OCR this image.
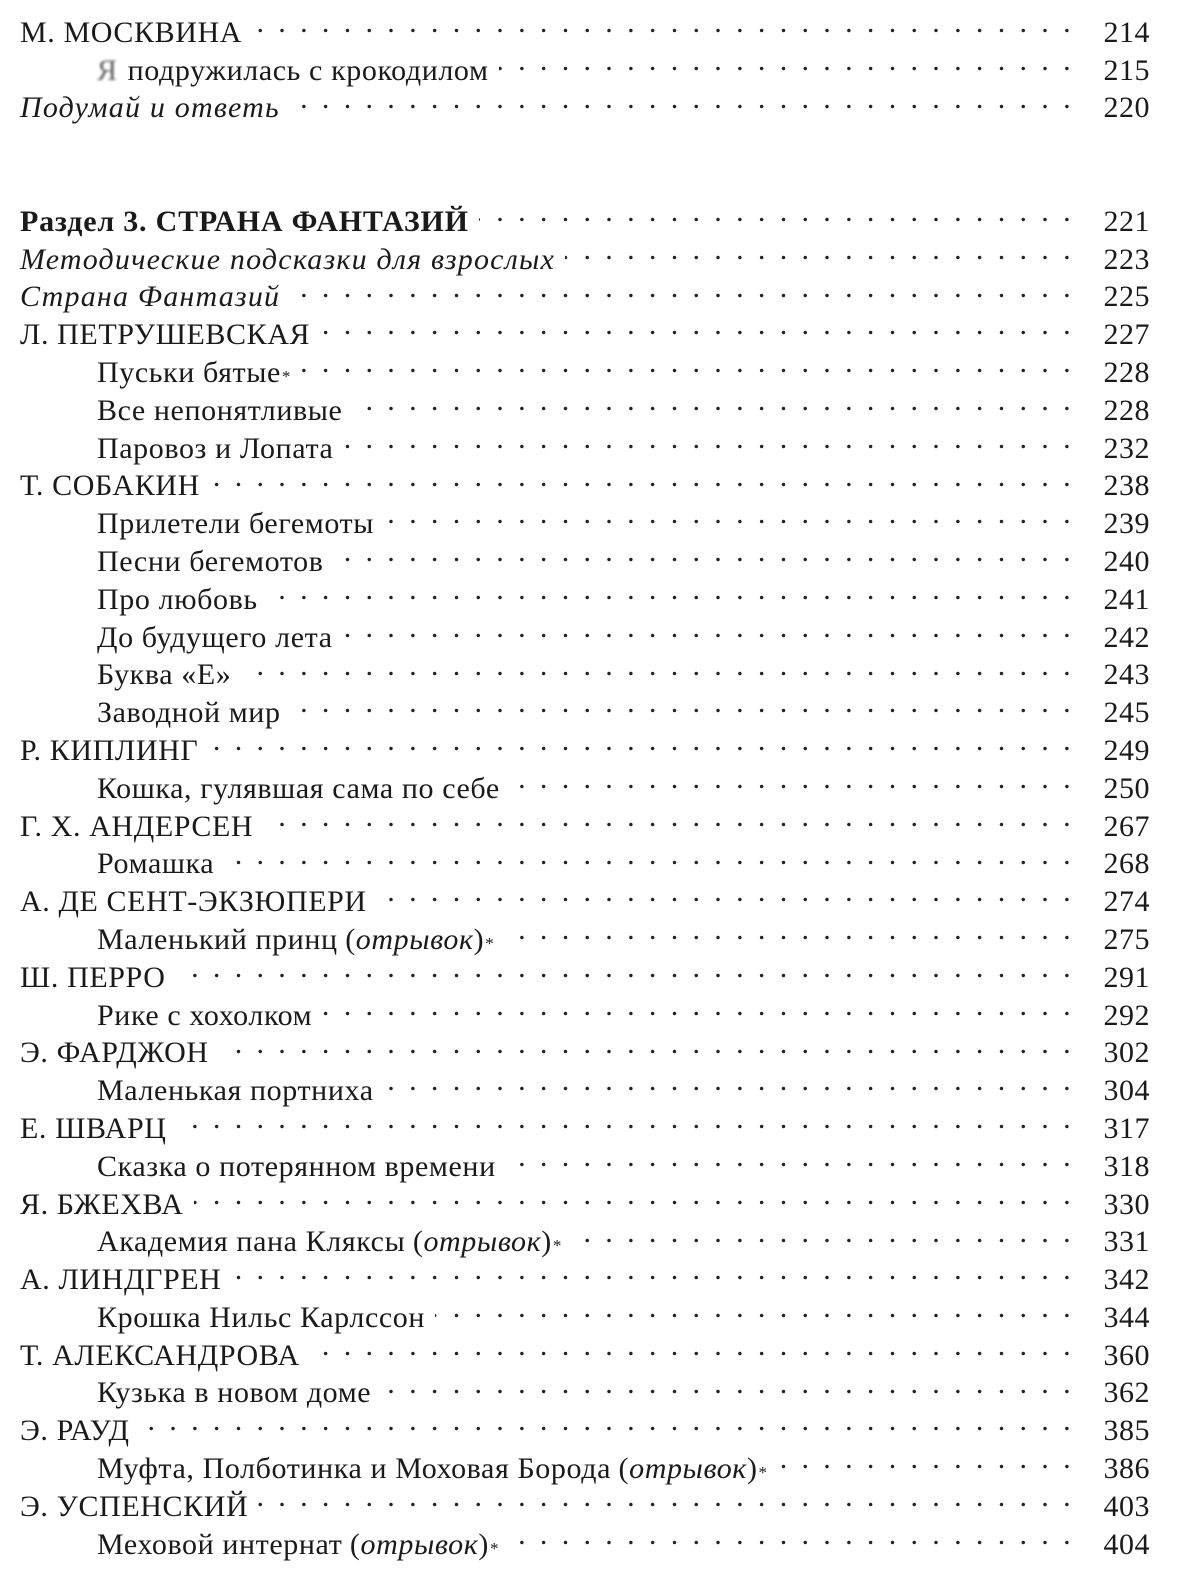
М. МОСКВИНА . . .	214
Я подружилась с крокодилом . . .	215
Подумай и ответь . . .	220
Раздел 3. СТРАНА ФАНТАЗИЙ . . .	221
Методические подсказки для взрослых . . .	223
Страна Фантазий . . .	225
Л. ПЕТРУШЕВСКАЯ . . .	227
Пуськи бятые * . . .	228
Все непонятливые . . .	228
Паровоз и Лопата . . .	232
Т. СОБАКИН . . .	238
Прилетели бегемоты . . .	239
Песни бегемотов . . .	240
Про любовь . . .	241
До будущего лета . . .	242
Буква «Е» . . .	243
Заводной мир . . .	245
Р. КИПЛИНГ . . .	249
Кошка, гулявшая сама по себе . . .	250
Г. Х. АНДЕРСЕН . . .	267
Ромашка . . .	268
А. ДЕ СЕНТ-ЭКЗЮПЕРИ . . .	274
Маленький принц
(отрывок) * . . .	275
Ш. ПЕРРО . . .	291
Рике с хохолком . . .	292
Э. ФАРДЖОН . . .	302
Маленькая портниха . . .	304
Е. ШВАРЦ . . .	317
Сказка о потерянном времени . . .	318
Я. БЖЕХВА . . .	330
Академия пана Кляксы
(отрывок) * . . .	331
А. ЛИНДГРЕН . . .	342
Крошка Нильс Карлссон . . .	344
Т. АЛЕКСАНДРОВА . . .	360
Кузька в новом доме . . .	362
Э. РАУД . . .	385
Муфта, Полботинка и Моховая Борода
(отрывок) * . . .	386
Э. УСПЕНСКИЙ . . .	403
Меховой интернат
(отрывок) * . . .	404
